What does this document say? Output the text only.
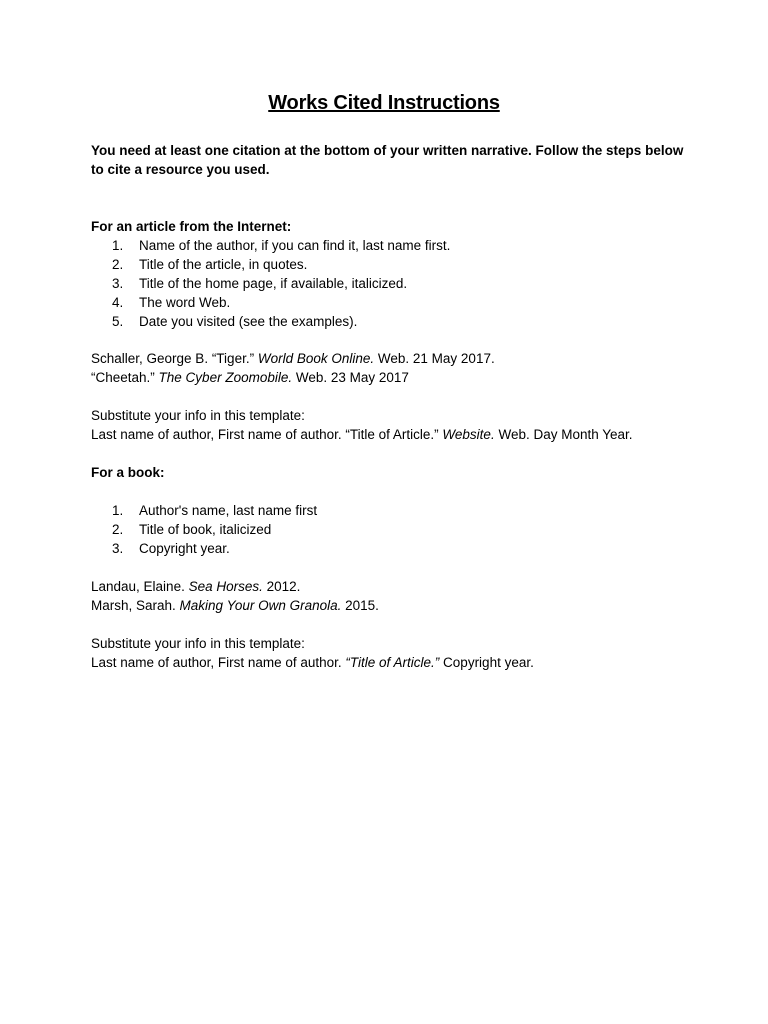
Works Cited Instructions
You need at least one citation at the bottom of your written narrative. Follow the steps below to cite a resource you used.
For an article from the Internet:
1. Name of the author, if you can find it, last name first.
2. Title of the article, in quotes.
3. Title of the home page, if available, italicized.
4. The word Web.
5. Date you visited (see the examples).
Schaller, George B. “Tiger.” World Book Online. Web. 21 May 2017.
“Cheetah.” The Cyber Zoomobile. Web. 23 May 2017
Substitute your info in this template:
Last name of author, First name of author. “Title of Article.” Website. Web. Day Month Year.
For a book:
1. Author's name, last name first
2. Title of book, italicized
3. Copyright year.
Landau, Elaine. Sea Horses. 2012.
Marsh, Sarah. Making Your Own Granola. 2015.
Substitute your info in this template:
Last name of author, First name of author. “Title of Article.” Copyright year.
